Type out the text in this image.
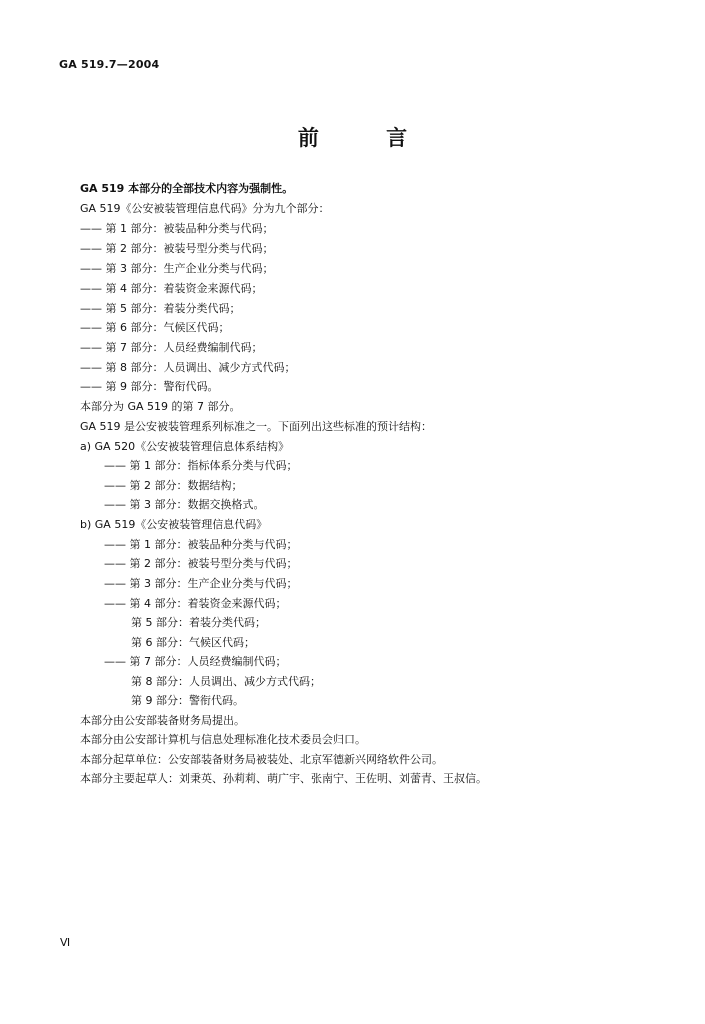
GA 519.7—2004
前 言
GA 519 本部分的全部技术内容为强制性。
GA 519《公安被装管理信息代码》分为九个部分：
—— 第 1 部分：被装品种分类与代码；
—— 第 2 部分：被装号型分类与代码；
—— 第 3 部分：生产企业分类与代码；
—— 第 4 部分：着装资金来源代码；
—— 第 5 部分：着装分类代码；
—— 第 6 部分：气候区代码；
—— 第 7 部分：人员经费编制代码；
—— 第 8 部分：人员调出、减少方式代码；
—— 第 9 部分：警衔代码。
本部分为 GA 519 的第 7 部分。
GA 519 是公安被装管理系列标准之一。下面列出这些标准的预计结构：
a) GA 520《公安被装管理信息体系结构》
—— 第 1 部分：指标体系分类与代码；
—— 第 2 部分：数据结构；
—— 第 3 部分：数据交换格式。
b) GA 519《公安被装管理信息代码》
—— 第 1 部分：被装品种分类与代码；
—— 第 2 部分：被装号型分类与代码；
—— 第 3 部分：生产企业分类与代码；
—— 第 4 部分：着装资金来源代码；
第 5 部分：着装分类代码；
第 6 部分：气候区代码；
—— 第 7 部分：人员经费编制代码；
第 8 部分：人员调出、减少方式代码；
第 9 部分：警衔代码。
本部分由公安部装备财务局提出。
本部分由公安部计算机与信息处理标准化技术委员会归口。
本部分起草单位：公安部装备财务局被装处、北京军德新兴网络软件公司。
本部分主要起草人：刘秉英、孙莉莉、萌广宇、张南宁、王佐明、刘蕾青、王叔信。
Ⅵ
